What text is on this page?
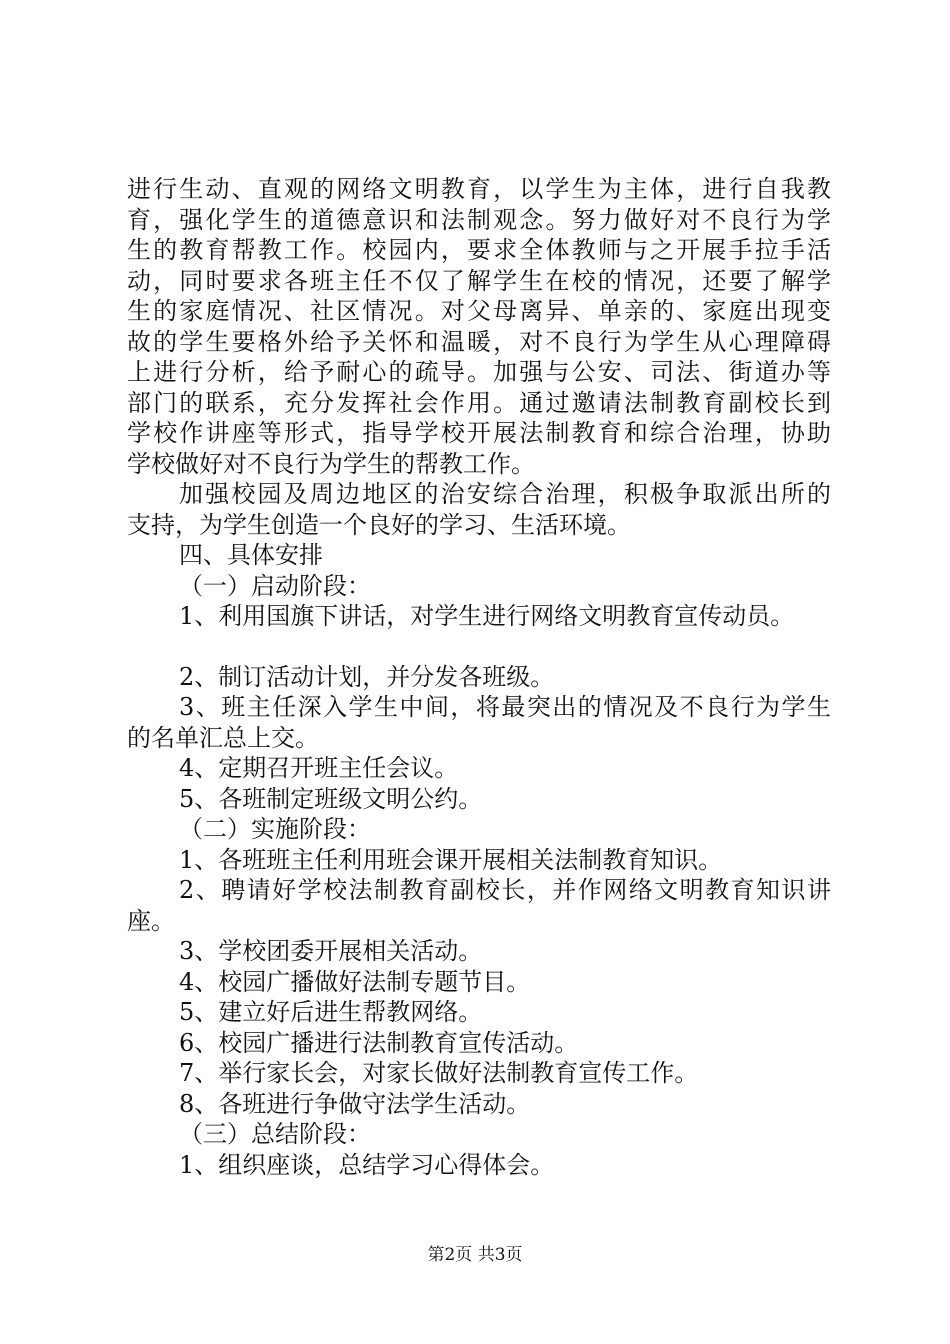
进行生动、直观的网络文明教育，以学生为主体，进行自我教
育，强化学生的道德意识和法制观念。努力做好对不良行为学
生的教育帮教工作。校园内，要求全体教师与之开展手拉手活
动，同时要求各班主任不仅了解学生在校的情况，还要了解学
生的家庭情况、社区情况。对父母离异、单亲的、家庭出现变
故的学生要格外给予关怀和温暖，对不良行为学生从心理障碍
上进行分析，给予耐心的疏导。加强与公安、司法、街道办等
部门的联系，充分发挥社会作用。通过邀请法制教育副校长到
学校作讲座等形式，指导学校开展法制教育和综合治理，协助
学校做好对不良行为学生的帮教工作。
加强校园及周边地区的治安综合治理，积极争取派出所的
支持，为学生创造一个良好的学习、生活环境。
四、具体安排
（一）启动阶段：
1、利用国旗下讲话，对学生进行网络文明教育宣传动员。
2、制订活动计划，并分发各班级。
3、班主任深入学生中间，将最突出的情况及不良行为学生
的名单汇总上交。
4、定期召开班主任会议。
5、各班制定班级文明公约。
（二）实施阶段：
1、各班班主任利用班会课开展相关法制教育知识。
2、聘请好学校法制教育副校长，并作网络文明教育知识讲
座。
3、学校团委开展相关活动。
4、校园广播做好法制专题节目。
5、建立好后进生帮教网络。
6、校园广播进行法制教育宣传活动。
7、举行家长会，对家长做好法制教育宣传工作。
8、各班进行争做守法学生活动。
（三）总结阶段：
1、组织座谈，总结学习心得体会。
第2页 共3页
